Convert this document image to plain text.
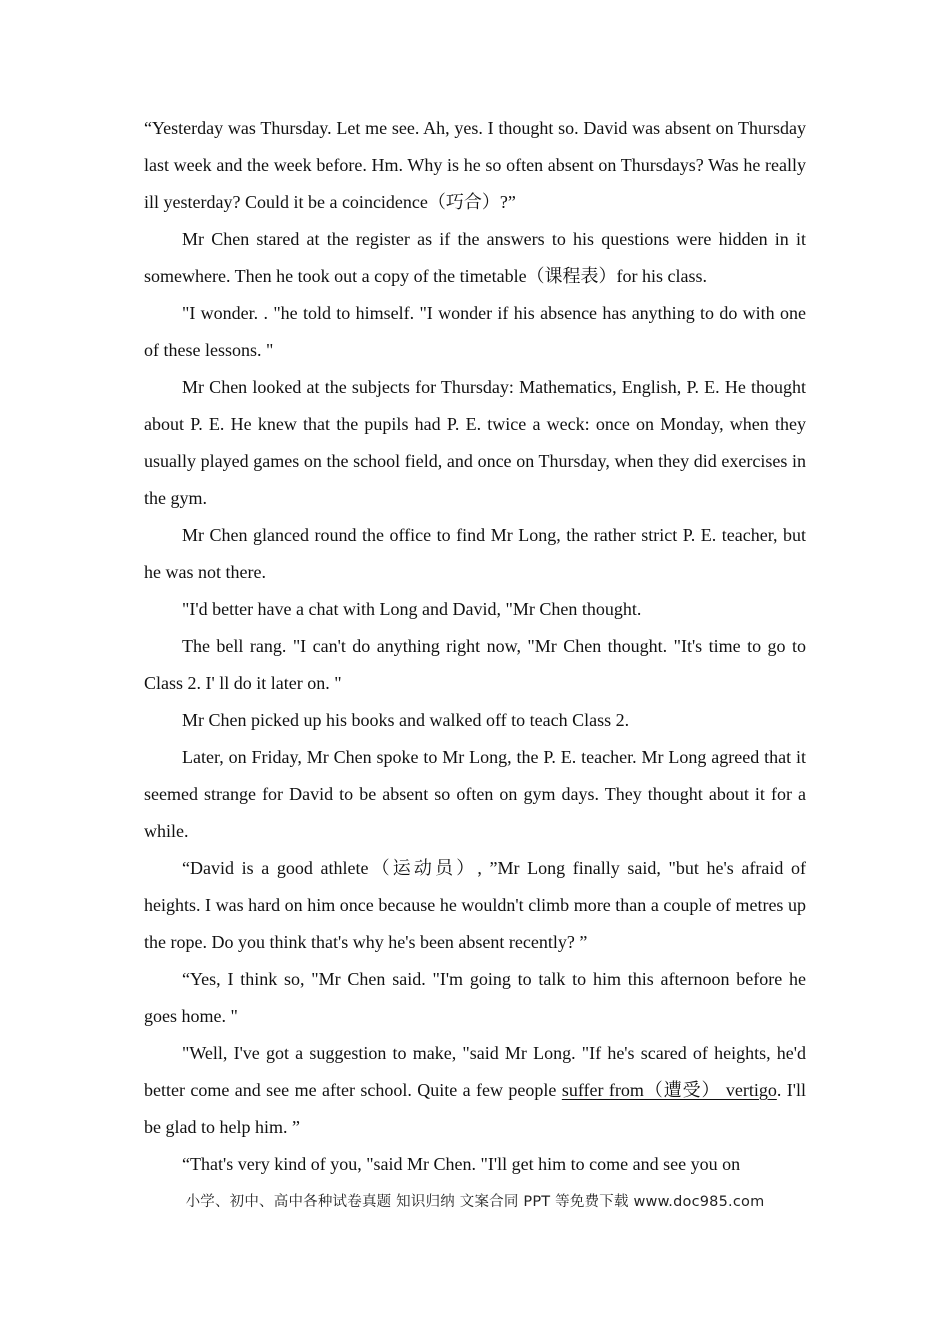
“Yesterday was Thursday. Let me see. Ah, yes. I thought so. David was absent on Thursday last week and the week before. Hm. Why is he so often absent on Thursdays? Was he really ill yesterday? Could it be a coincidence（巧合）?”

Mr Chen stared at the register as if the answers to his questions were hidden in it somewhere. Then he took out a copy of the timetable（课程表）for his class.

"I wonder. . "he told to himself. "I wonder if his absence has anything to do with one of these lessons. "

Mr Chen looked at the subjects for Thursday: Mathematics, English, P. E. He thought about P. E. He knew that the pupils had P. E. twice a weck: once on Monday, when they usually played games on the school field, and once on Thursday, when they did exercises in the gym.

Mr Chen glanced round the office to find Mr Long, the rather strict P. E. teacher, but he was not there.

"I'd better have a chat with Long and David, "Mr Chen thought.

The bell rang. "I can't do anything right now, "Mr Chen thought. "It's time to go to Class 2. I' ll do it later on. "

Mr Chen picked up his books and walked off to teach Class 2.

Later, on Friday, Mr Chen spoke to Mr Long, the P. E. teacher. Mr Long agreed that it seemed strange for David to be absent so often on gym days. They thought about it for a while.

“David is a good athlete（运动员）, ”Mr Long finally said, "but he's afraid of heights. I was hard on him once because he wouldn't climb more than a couple of metres up the rope. Do you think that's why he's been absent recently? ”

“Yes, I think so, "Mr Chen said. "I'm going to talk to him this afternoon before he goes home. "

"Well, I've got a suggestion to make, "said Mr Long. "If he's scared of heights, he'd better come and see me after school. Quite a few people suffer from（遭受） vertigo. I'll be glad to help him. ”

“That's very kind of you, "said Mr Chen. "I'll get him to come and see you on

小学、初中、高中各种试卷真题 知识归纳 文案合同 PPT 等免费下载 www.doc985.com
